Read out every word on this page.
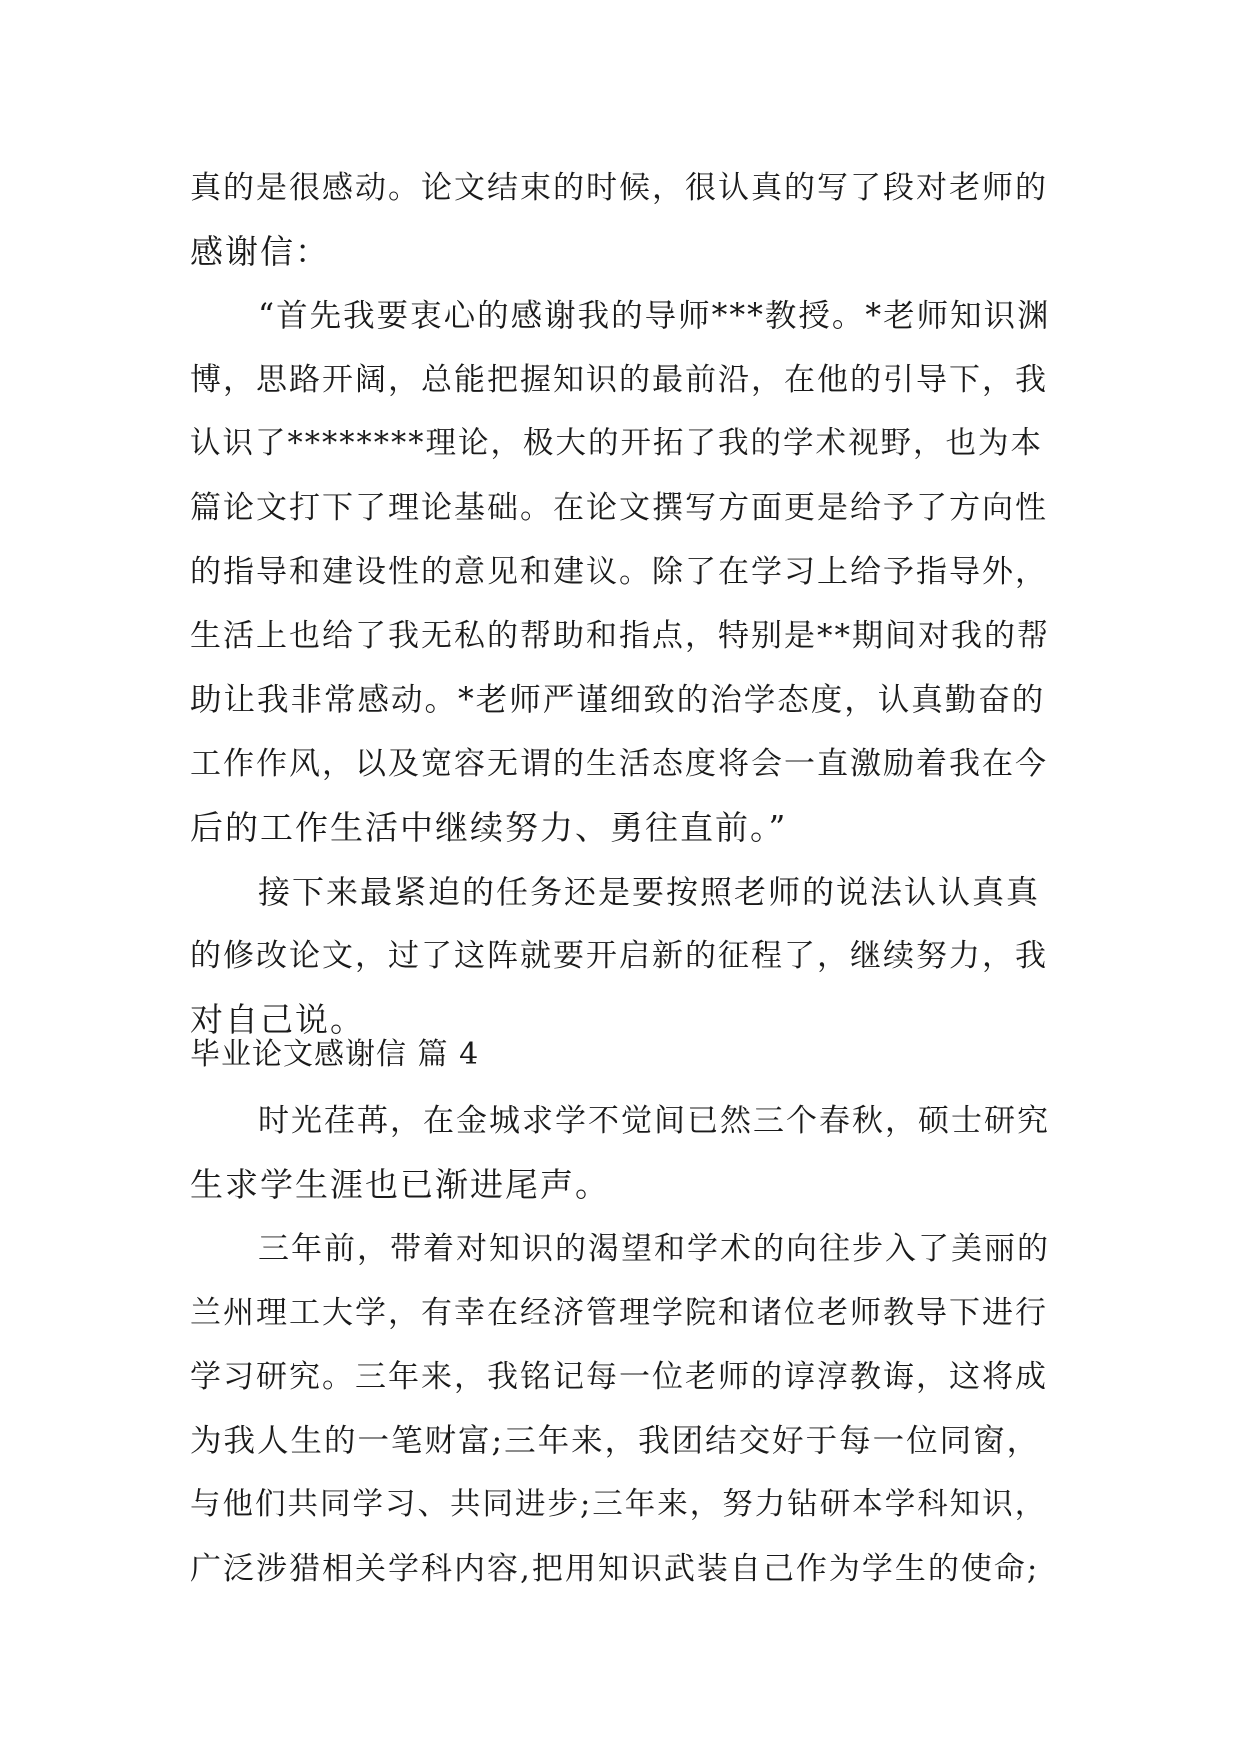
真的是很感动。论文结束的时候，很认真的写了段对老师的
感谢信：
“首先我要衷心的感谢我的导师***教授。*老师知识渊
博，思路开阔，总能把握知识的最前沿，在他的引导下，我
认识了********理论，极大的开拓了我的学术视野，也为本
篇论文打下了理论基础。在论文撰写方面更是给予了方向性
的指导和建设性的意见和建议。除了在学习上给予指导外，
生活上也给了我无私的帮助和指点，特别是**期间对我的帮
助让我非常感动。*老师严谨细致的治学态度，认真勤奋的
工作作风，以及宽容无谓的生活态度将会一直激励着我在今
后的工作生活中继续努力、勇往直前。”
接下来最紧迫的任务还是要按照老师的说法认认真真
的修改论文，过了这阵就要开启新的征程了，继续努力，我
对自己说。
毕业论文感谢信 篇 4
时光荏苒，在金城求学不觉间已然三个春秋，硕士研究
生求学生涯也已渐进尾声。
三年前，带着对知识的渴望和学术的向往步入了美丽的
兰州理工大学，有幸在经济管理学院和诸位老师教导下进行
学习研究。三年来，我铭记每一位老师的谆淳教诲，这将成
为我人生的一笔财富;三年来，我团结交好于每一位同窗，
与他们共同学习、共同进步;三年来，努力钻研本学科知识，
广泛涉猎相关学科内容,把用知识武装自己作为学生的使命;
